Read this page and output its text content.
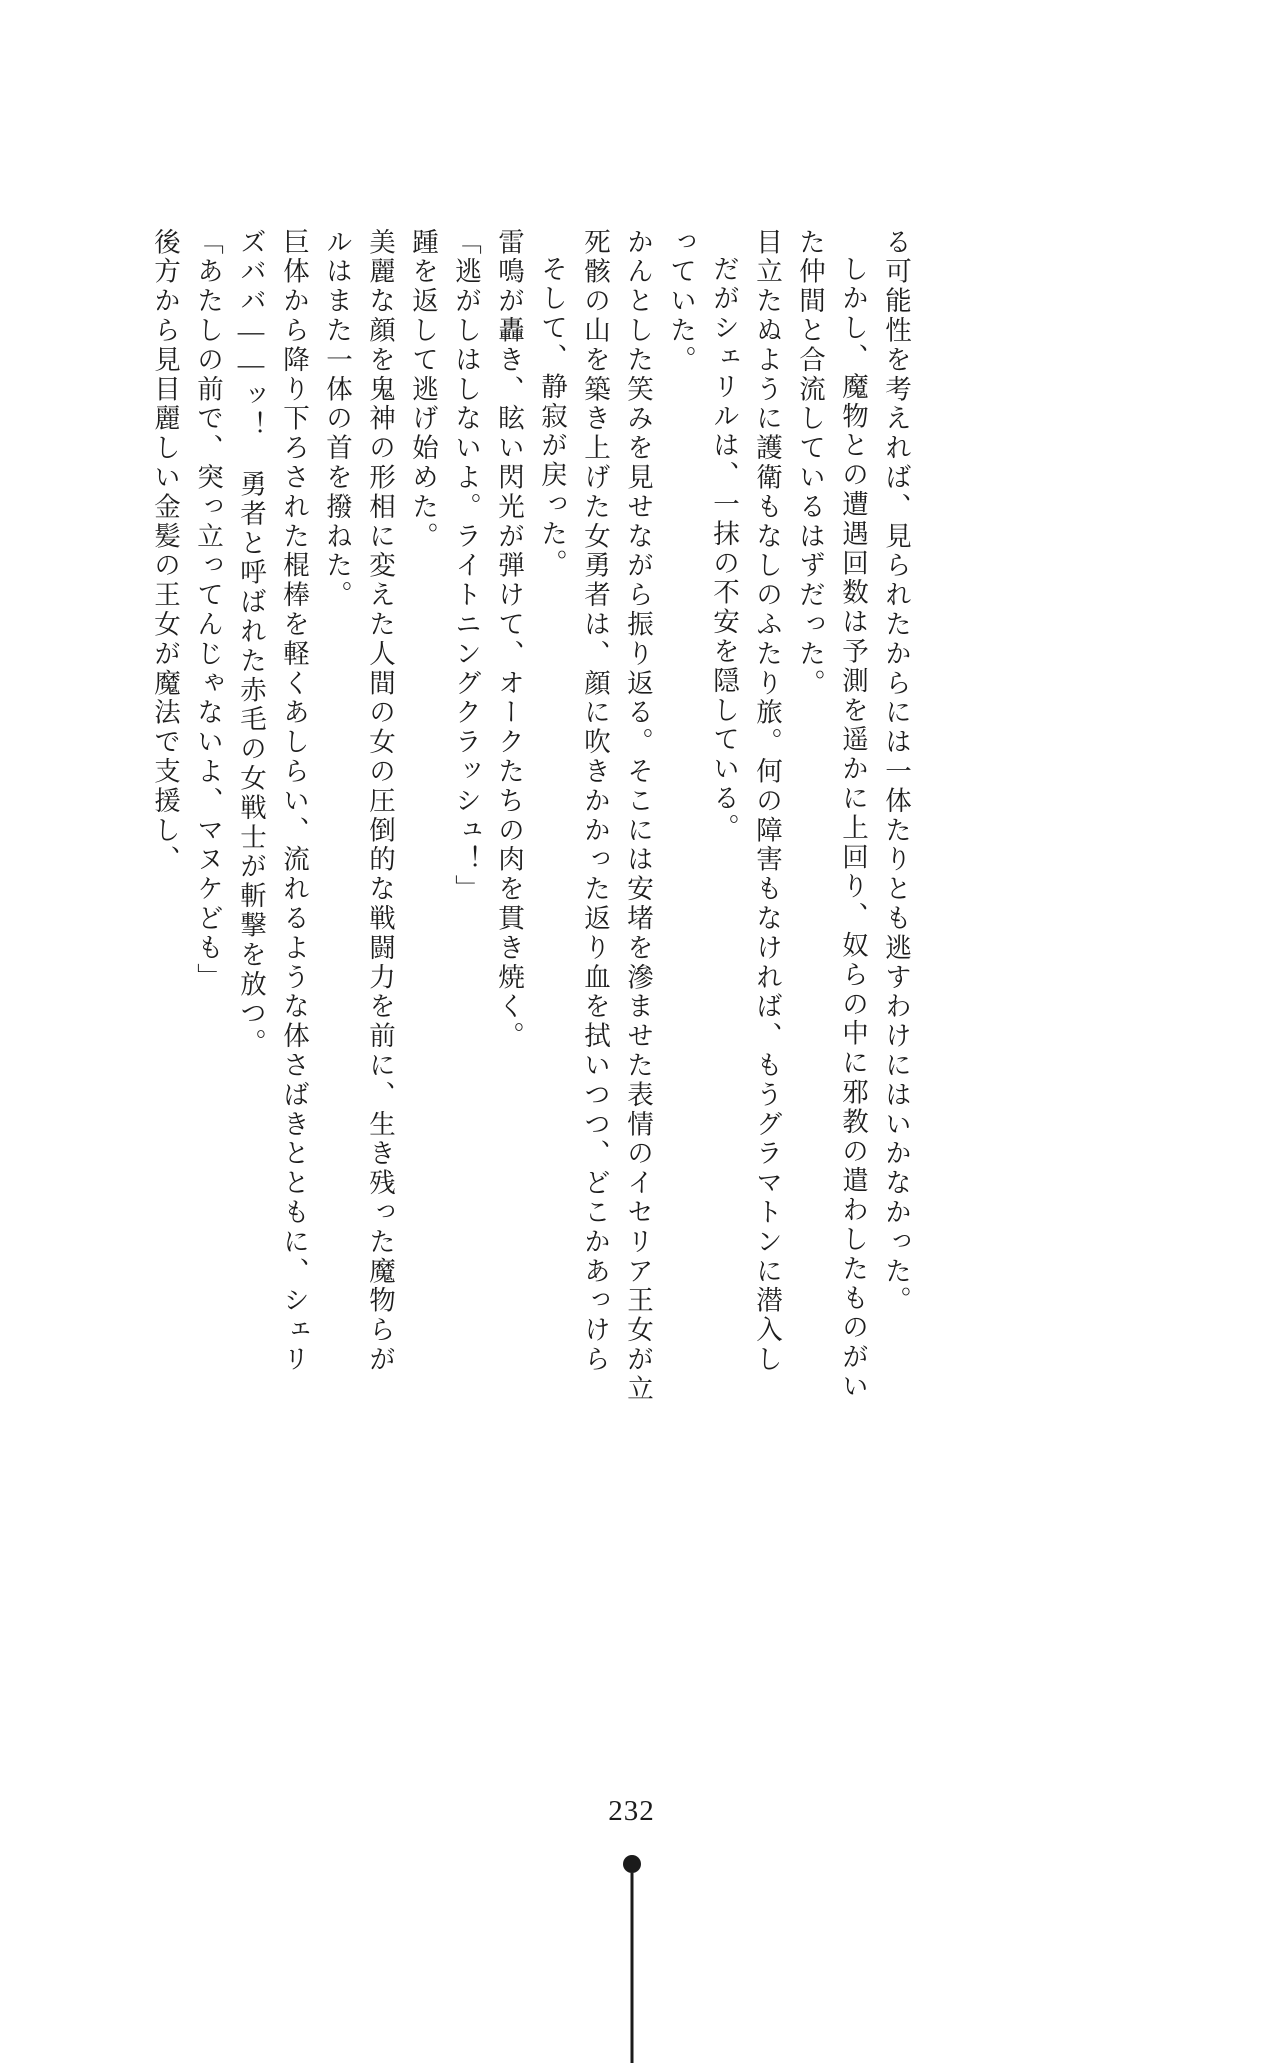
後方から見目麗しい金髪の王女が魔法で支援し、 「あたしの前で、突っ立ってんじゃないよ、マヌケども」 ズババ――ッ！　勇者と呼ばれた赤毛の女戦士が斬撃を放つ。 巨体から降り下ろされた棍棒を軽くあしらい、流れるような体さばきとともに、シェリ ルはまた一体の首を撥ねた。 美麗な顔を鬼神の形相に変えた人間の女の圧倒的な戦闘力を前に、生き残った魔物らが 踵を返して逃げ始めた。 「逃がしはしないよ。ライトニングクラッシュ！」 雷鳴が轟き、眩い閃光が弾けて、オークたちの肉を貫き焼く。 そして、静寂が戻った。 死骸の山を築き上げた女勇者は、顔に吹きかかった返り血を拭いつつ、どこかあっけら かんとした笑みを見せながら振り返る。そこには安堵を滲ませた表情のイセリア王女が立 っていた。 だがシェリルは、一抹の不安を隠している。 目立たぬように護衛もなしのふたり旅。何の障害もなければ、もうグラマトンに潜入し た仲間と合流しているはずだった。 しかし、魔物との遭遇回数は予測を遥かに上回り、奴らの中に邪教の遣わしたものがい る可能性を考えれば、見られたからには一体たりとも逃すわけにはいかなかった。
232
